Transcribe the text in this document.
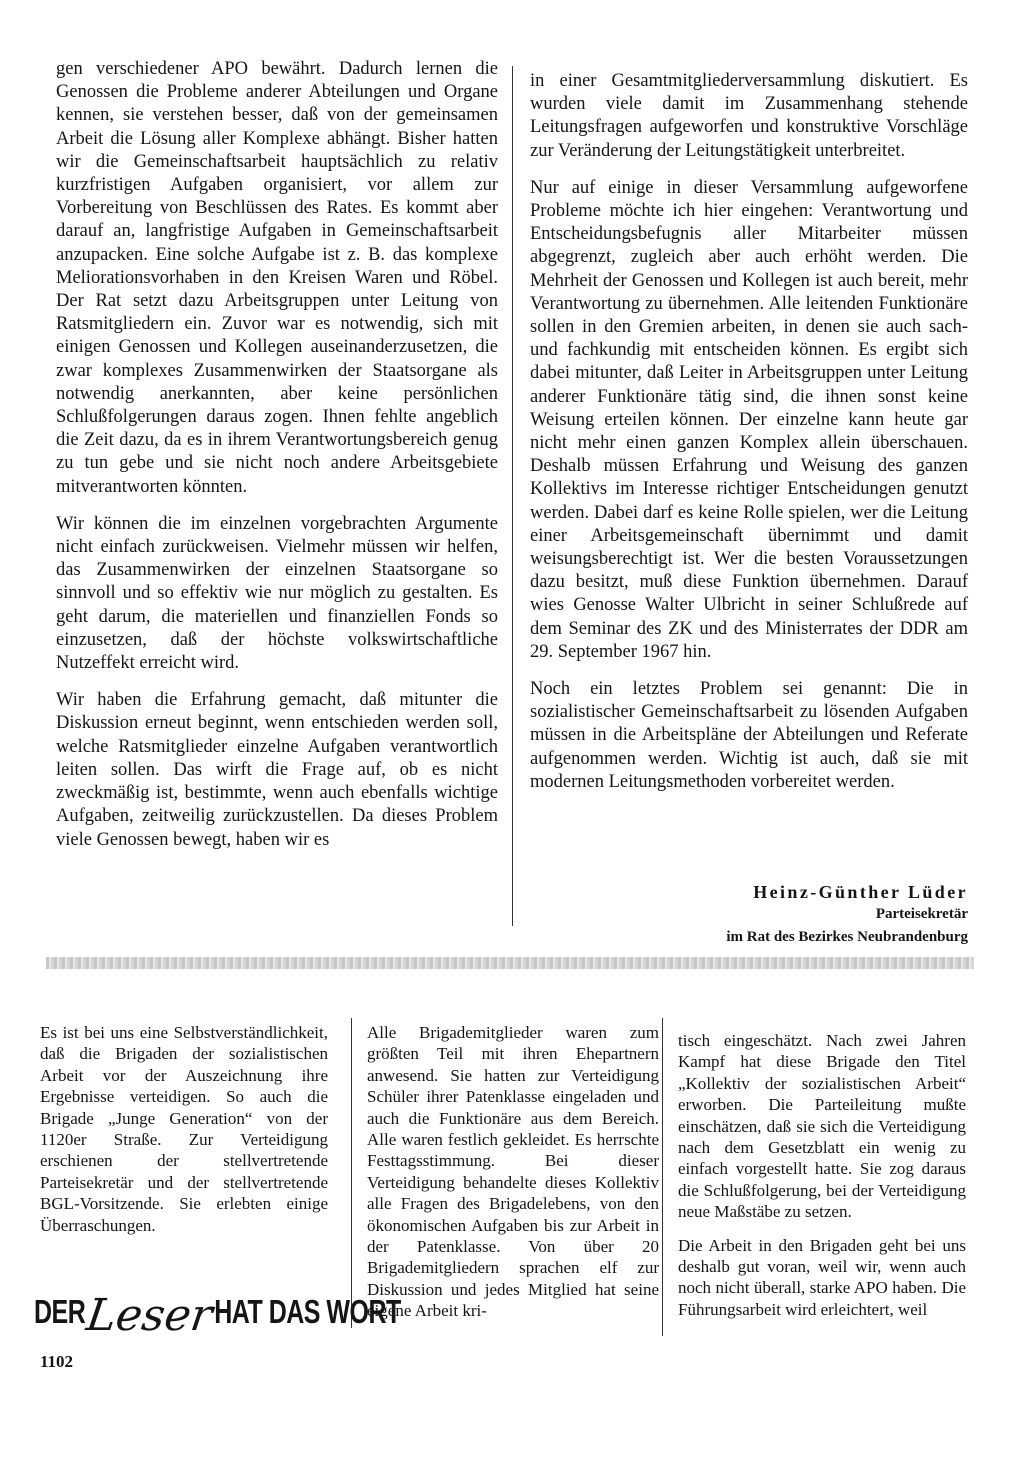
gen verschiedener APO bewährt. Dadurch lernen die Genossen die Probleme anderer Abteilungen und Organe kennen, sie verstehen besser, daß von der gemeinsamen Arbeit die Lösung aller Komplexe abhängt. Bisher hatten wir die Gemeinschaftsarbeit hauptsächlich zu relativ kurzfristigen Aufgaben organisiert, vor allem zur Vorbereitung von Beschlüssen des Rates. Es kommt aber darauf an, langfristige Aufgaben in Gemeinschaftsarbeit anzupacken. Eine solche Aufgabe ist z. B. das komplexe Meliorationsvorhaben in den Kreisen Waren und Röbel. Der Rat setzt dazu Arbeitsgruppen unter Leitung von Ratsmitgliedern ein. Zuvor war es notwendig, sich mit einigen Genossen und Kollegen auseinanderzusetzen, die zwar komplexes Zusammenwirken der Staatsorgane als notwendig anerkannten, aber keine persönlichen Schlußfolgerungen daraus zogen. Ihnen fehlte angeblich die Zeit dazu, da es in ihrem Verantwortungsbereich genug zu tun gebe und sie nicht noch andere Arbeitsgebiete mitverantworten könnten.

Wir können die im einzelnen vorgebrachten Argumente nicht einfach zurückweisen. Vielmehr müssen wir helfen, das Zusammenwirken der einzelnen Staatsorgane so sinnvoll und so effektiv wie nur möglich zu gestalten. Es geht darum, die materiellen und finanziellen Fonds so einzusetzen, daß der höchste volkswirtschaftliche Nutzeffekt erreicht wird.

Wir haben die Erfahrung gemacht, daß mitunter die Diskussion erneut beginnt, wenn entschieden werden soll, welche Ratsmitglieder einzelne Aufgaben verantwortlich leiten sollen. Das wirft die Frage auf, ob es nicht zweckmäßig ist, bestimmte, wenn auch ebenfalls wichtige Aufgaben, zeitweilig zurückzustellen. Da dieses Problem viele Genossen bewegt, haben wir es

in einer Gesamtmitgliederversammlung diskutiert. Es wurden viele damit im Zusammenhang stehende Leitungsfragen aufgeworfen und konstruktive Vorschläge zur Veränderung der Leitungstätigkeit unterbreitet.

Nur auf einige in dieser Versammlung aufgeworfene Probleme möchte ich hier eingehen: Verantwortung und Entscheidungsbefugnis aller Mitarbeiter müssen abgegrenzt, zugleich aber auch erhöht werden. Die Mehrheit der Genossen und Kollegen ist auch bereit, mehr Verantwortung zu übernehmen. Alle leitenden Funktionäre sollen in den Gremien arbeiten, in denen sie auch sach- und fachkundig mit entscheiden können. Es ergibt sich dabei mitunter, daß Leiter in Arbeitsgruppen unter Leitung anderer Funktionäre tätig sind, die ihnen sonst keine Weisung erteilen können. Der einzelne kann heute gar nicht mehr einen ganzen Komplex allein überschauen. Deshalb müssen Erfahrung und Weisung des ganzen Kollektivs im Interesse richtiger Entscheidungen genutzt werden. Dabei darf es keine Rolle spielen, wer die Leitung einer Arbeitsgemeinschaft übernimmt und damit weisungsberechtigt ist. Wer die besten Voraussetzungen dazu besitzt, muß diese Funktion übernehmen. Darauf wies Genosse Walter Ulbricht in seiner Schlußrede auf dem Seminar des ZK und des Ministerrates der DDR am 29. September 1967 hin.

Noch ein letztes Problem sei genannt: Die in sozialistischer Gemeinschaftsarbeit zu lösenden Aufgaben müssen in die Arbeitspläne der Abteilungen und Referate aufgenommen werden. Wichtig ist auch, daß sie mit modernen Leitungsmethoden vorbereitet werden.

Heinz-Günther Lüder
Parteisekretär
im Rat des Bezirkes Neubrandenburg

Es ist bei uns eine Selbstverständlichkeit, daß die Brigaden der sozialistischen Arbeit vor der Auszeichnung ihre Ergebnisse verteidigen. So auch die Brigade „Junge Generation“ von der 1120er Straße. Zur Verteidigung erschienen der stellvertretende Parteisekretär und der stellvertretende BGL-Vorsitzende. Sie erlebten einige Überraschungen.

Alle Brigademitglieder waren zum größten Teil mit ihren Ehepartnern anwesend. Sie hatten zur Verteidigung Schüler ihrer Patenklasse eingeladen und auch die Funktionäre aus dem Bereich. Alle waren festlich gekleidet. Es herrschte Festtagsstimmung. Bei dieser Verteidigung behandelte dieses Kollektiv alle Fragen des Brigadelebens, von den ökonomischen Aufgaben bis zur Arbeit in der Patenklasse. Von über 20 Brigademitgliedern sprachen elf zur Diskussion und jedes Mitglied hat seine eigene Arbeit kri-

tisch eingeschätzt. Nach zwei Jahren Kampf hat diese Brigade den Titel „Kollektiv der sozialistischen Arbeit“ erworben. Die Parteileitung mußte einschätzen, daß sie sich die Verteidigung nach dem Gesetzblatt ein wenig zu einfach vorgestellt hatte. Sie zog daraus die Schlußfolgerung, bei der Verteidigung neue Maßstäbe zu setzen.

Die Arbeit in den Brigaden geht bei uns deshalb gut voran, weil wir, wenn auch noch nicht überall, starke APO haben. Die Führungsarbeit wird erleichtert, weil

DER
Leser
HAT DAS WORT
1102
